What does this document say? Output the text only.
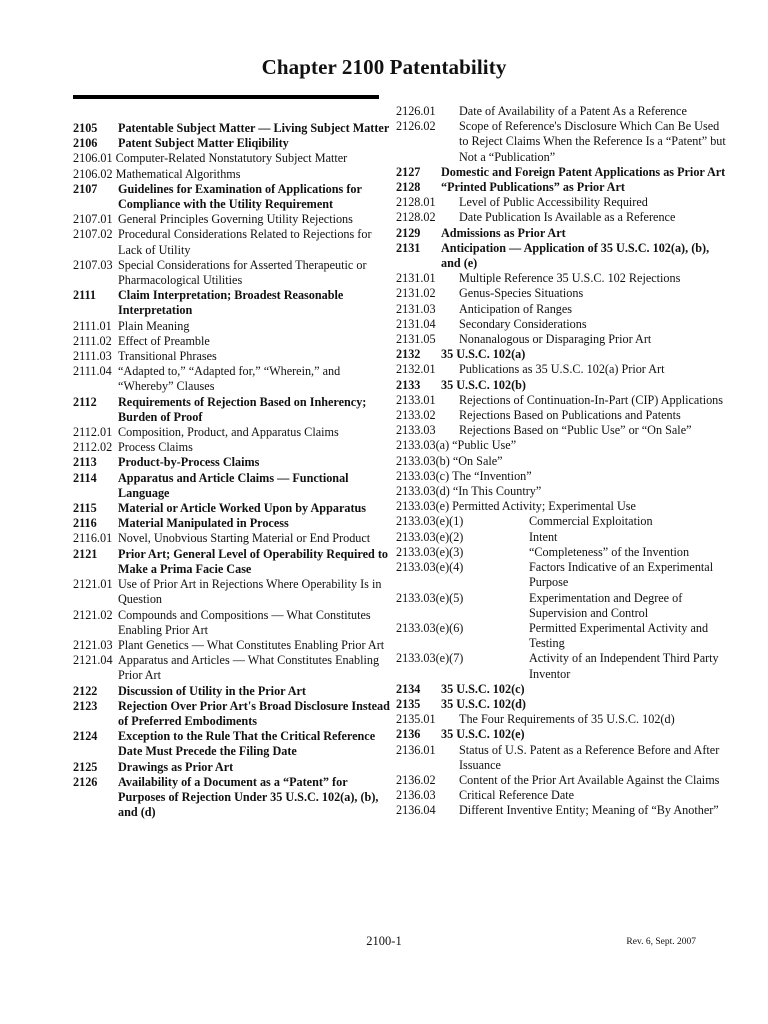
Chapter 2100 Patentability
2105	Patentable Subject Matter — Living Subject Matter
2106	Patent Subject Matter Eliqibility
2106.01 Computer-Related Nonstatutory Subject Matter
2106.02 Mathematical Algorithms
2107	Guidelines for Examination of Applications for Compliance with the Utility Requirement
2107.01 General Principles Governing Utility Rejections
2107.02 Procedural Considerations Related to Rejections for Lack of Utility
2107.03 Special Considerations for Asserted Therapeutic or Pharmacological Utilities
2111	Claim Interpretation; Broadest Reasonable Interpretation
2111.01 Plain Meaning
2111.02 Effect of Preamble
2111.03 Transitional Phrases
2111.04 “Adapted to,” “Adapted for,” “Wherein,” and “Whereby” Clauses
2112	Requirements of Rejection Based on Inherency; Burden of Proof
2112.01 Composition, Product, and Apparatus Claims
2112.02 Process Claims
2113	Product-by-Process Claims
2114	Apparatus and Article Claims — Functional Language
2115	Material or Article Worked Upon by Apparatus
2116	Material Manipulated in Process
2116.01 Novel, Unobvious Starting Material or End Product
2121	Prior Art; General Level of Operability Required to Make a Prima Facie Case
2121.01 Use of Prior Art in Rejections Where Operability Is in Question
2121.02 Compounds and Compositions — What Constitutes Enabling Prior Art
2121.03 Plant Genetics — What Constitutes Enabling Prior Art
2121.04 Apparatus and Articles — What Constitutes Enabling Prior Art
2122	Discussion of Utility in the Prior Art
2123	Rejection Over Prior Art's Broad Disclosure Instead of Preferred Embodiments
2124	Exception to the Rule That the Critical Reference Date Must Precede the Filing Date
2125	Drawings as Prior Art
2126	Availability of a Document as a “Patent” for Purposes of Rejection Under 35 U.S.C. 102(a), (b), and (d)
2126.01	Date of Availability of a Patent As a Reference
2126.02	Scope of Reference's Disclosure Which Can Be Used to Reject Claims When the Reference Is a “Patent” but Not a “Publication”
2127	Domestic and Foreign Patent Applications as Prior Art
2128	“Printed Publications” as Prior Art
2128.01	Level of Public Accessibility Required
2128.02	Date Publication Is Available as a Reference
2129	Admissions as Prior Art
2131	Anticipation — Application of 35 U.S.C. 102(a), (b), and (e)
2131.01	Multiple Reference 35 U.S.C. 102 Rejections
2131.02	Genus-Species Situations
2131.03	Anticipation of Ranges
2131.04	Secondary Considerations
2131.05	Nonanalogous or Disparaging Prior Art
2132	35 U.S.C. 102(a)
2132.01	Publications as 35 U.S.C. 102(a) Prior Art
2133	35 U.S.C. 102(b)
2133.01	Rejections of Continuation-In-Part (CIP) Applications
2133.02	Rejections Based on Publications and Patents
2133.03	Rejections Based on “Public Use” or “On Sale”
2133.03(a) “Public Use”
2133.03(b) “On Sale”
2133.03(c) The “Invention”
2133.03(d) “In This Country”
2133.03(e) Permitted Activity; Experimental Use
2133.03(e)(1)	Commercial Exploitation
2133.03(e)(2)	Intent
2133.03(e)(3)	“Completeness” of the Invention
2133.03(e)(4)	Factors Indicative of an Experimental Purpose
2133.03(e)(5)	Experimentation and Degree of Supervision and Control
2133.03(e)(6)	Permitted Experimental Activity and Testing
2133.03(e)(7)	Activity of an Independent Third Party Inventor
2134	35 U.S.C. 102(c)
2135	35 U.S.C. 102(d)
2135.01	The Four Requirements of 35 U.S.C. 102(d)
2136	35 U.S.C. 102(e)
2136.01	Status of U.S. Patent as a Reference Before and After Issuance
2136.02	Content of the Prior Art Available Against the Claims
2136.03	Critical Reference Date
2136.04	Different Inventive Entity; Meaning of “By Another”
2100-1	Rev. 6, Sept. 2007
